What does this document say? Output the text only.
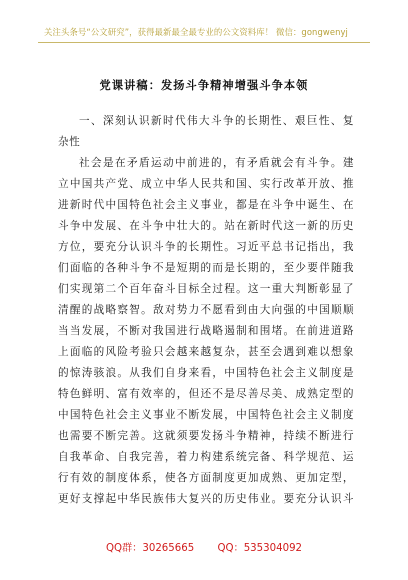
关注头条号“公文研究”，获得最新最全最专业的公文资料库！ 微信：gongwenyj
党课讲稿：发扬斗争精神增强斗争本领
一、深刻认识新时代伟大斗争的长期性、艰巨性、复
杂性
社会是在矛盾运动中前进的，有矛盾就会有斗争。建
立中国共产党、成立中华人民共和国、实行改革开放、推
进新时代中国特色社会主义事业，都是在斗争中诞生、在
斗争中发展、在斗争中壮大的。站在新时代这一新的历史
方位，要充分认识斗争的长期性。习近平总书记指出，我
们面临的各种斗争不是短期的而是长期的，至少要伴随我
们实现第二个百年奋斗目标全过程。这一重大判断彰显了
清醒的战略察智。敌对势力不愿看到由大向强的中国顺顺
当当发展，不断对我国进行战略遏制和围堵。在前进道路
上面临的风险考验只会越来越复杂，甚至会遇到难以想象
的惊涛骇浪。从我们自身来看，中国特色社会主义制度是
特色鲜明、富有效率的，但还不是尽善尽美、成熟定型的
中国特色社会主义事业不断发展，中国特色社会主义制度
也需要不断完善。这就须要发扬斗争精神，持续不断进行
自我革命、自我完善，着力构建系统完备、科学规范、运
行有效的制度体系，使各方面制度更加成熟、更加定型，
更好支撑起中华民族伟大复兴的历史伟业。要充分认识斗
QQ群：30265665 QQ：535304092
